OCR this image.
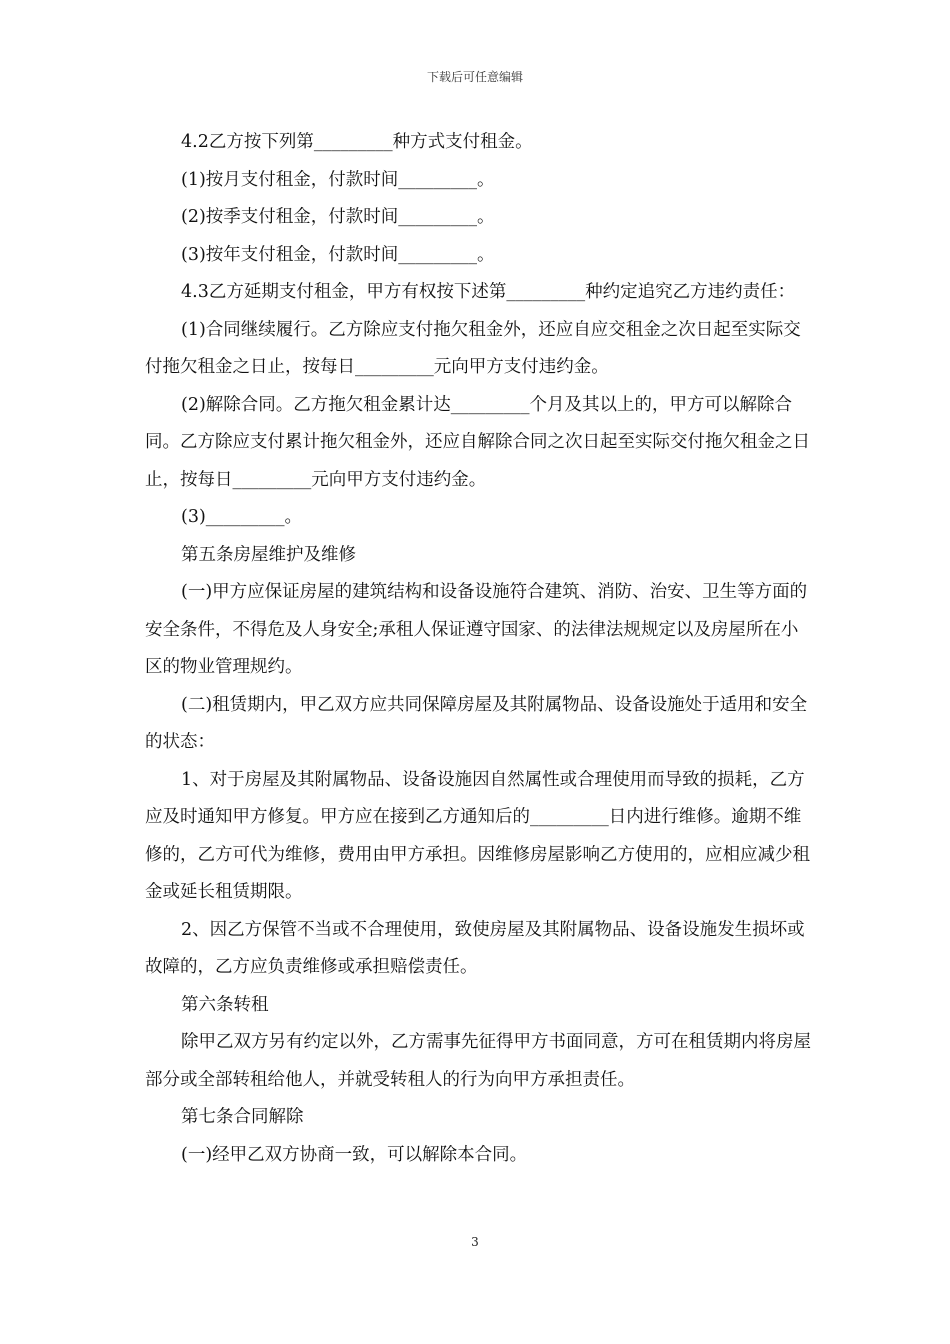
下载后可任意编辑

4.2乙方按下列第_________种方式支付租金。

(1)按月支付租金，付款时间_________。

(2)按季支付租金，付款时间_________。

(3)按年支付租金，付款时间_________。

4.3乙方延期支付租金，甲方有权按下述第_________种约定追究乙方违约责任：

(1)合同继续履行。乙方除应支付拖欠租金外，还应自应交租金之次日起至实际交付拖欠租金之日止，按每日_________元向甲方支付违约金。

(2)解除合同。乙方拖欠租金累计达_________个月及其以上的，甲方可以解除合同。乙方除应支付累计拖欠租金外，还应自解除合同之次日起至实际交付拖欠租金之日止，按每日_________元向甲方支付违约金。

(3)_________。

第五条房屋维护及维修

(一)甲方应保证房屋的建筑结构和设备设施符合建筑、消防、治安、卫生等方面的安全条件，不得危及人身安全;承租人保证遵守国家、的法律法规规定以及房屋所在小区的物业管理规约。

(二)租赁期内，甲乙双方应共同保障房屋及其附属物品、设备设施处于适用和安全的状态：

1、对于房屋及其附属物品、设备设施因自然属性或合理使用而导致的损耗，乙方应及时通知甲方修复。甲方应在接到乙方通知后的_________日内进行维修。逾期不维修的，乙方可代为维修，费用由甲方承担。因维修房屋影响乙方使用的，应相应减少租金或延长租赁期限。

2、因乙方保管不当或不合理使用，致使房屋及其附属物品、设备设施发生损坏或故障的，乙方应负责维修或承担赔偿责任。

第六条转租

除甲乙双方另有约定以外，乙方需事先征得甲方书面同意，方可在租赁期内将房屋部分或全部转租给他人，并就受转租人的行为向甲方承担责任。

第七条合同解除

(一)经甲乙双方协商一致，可以解除本合同。

3
